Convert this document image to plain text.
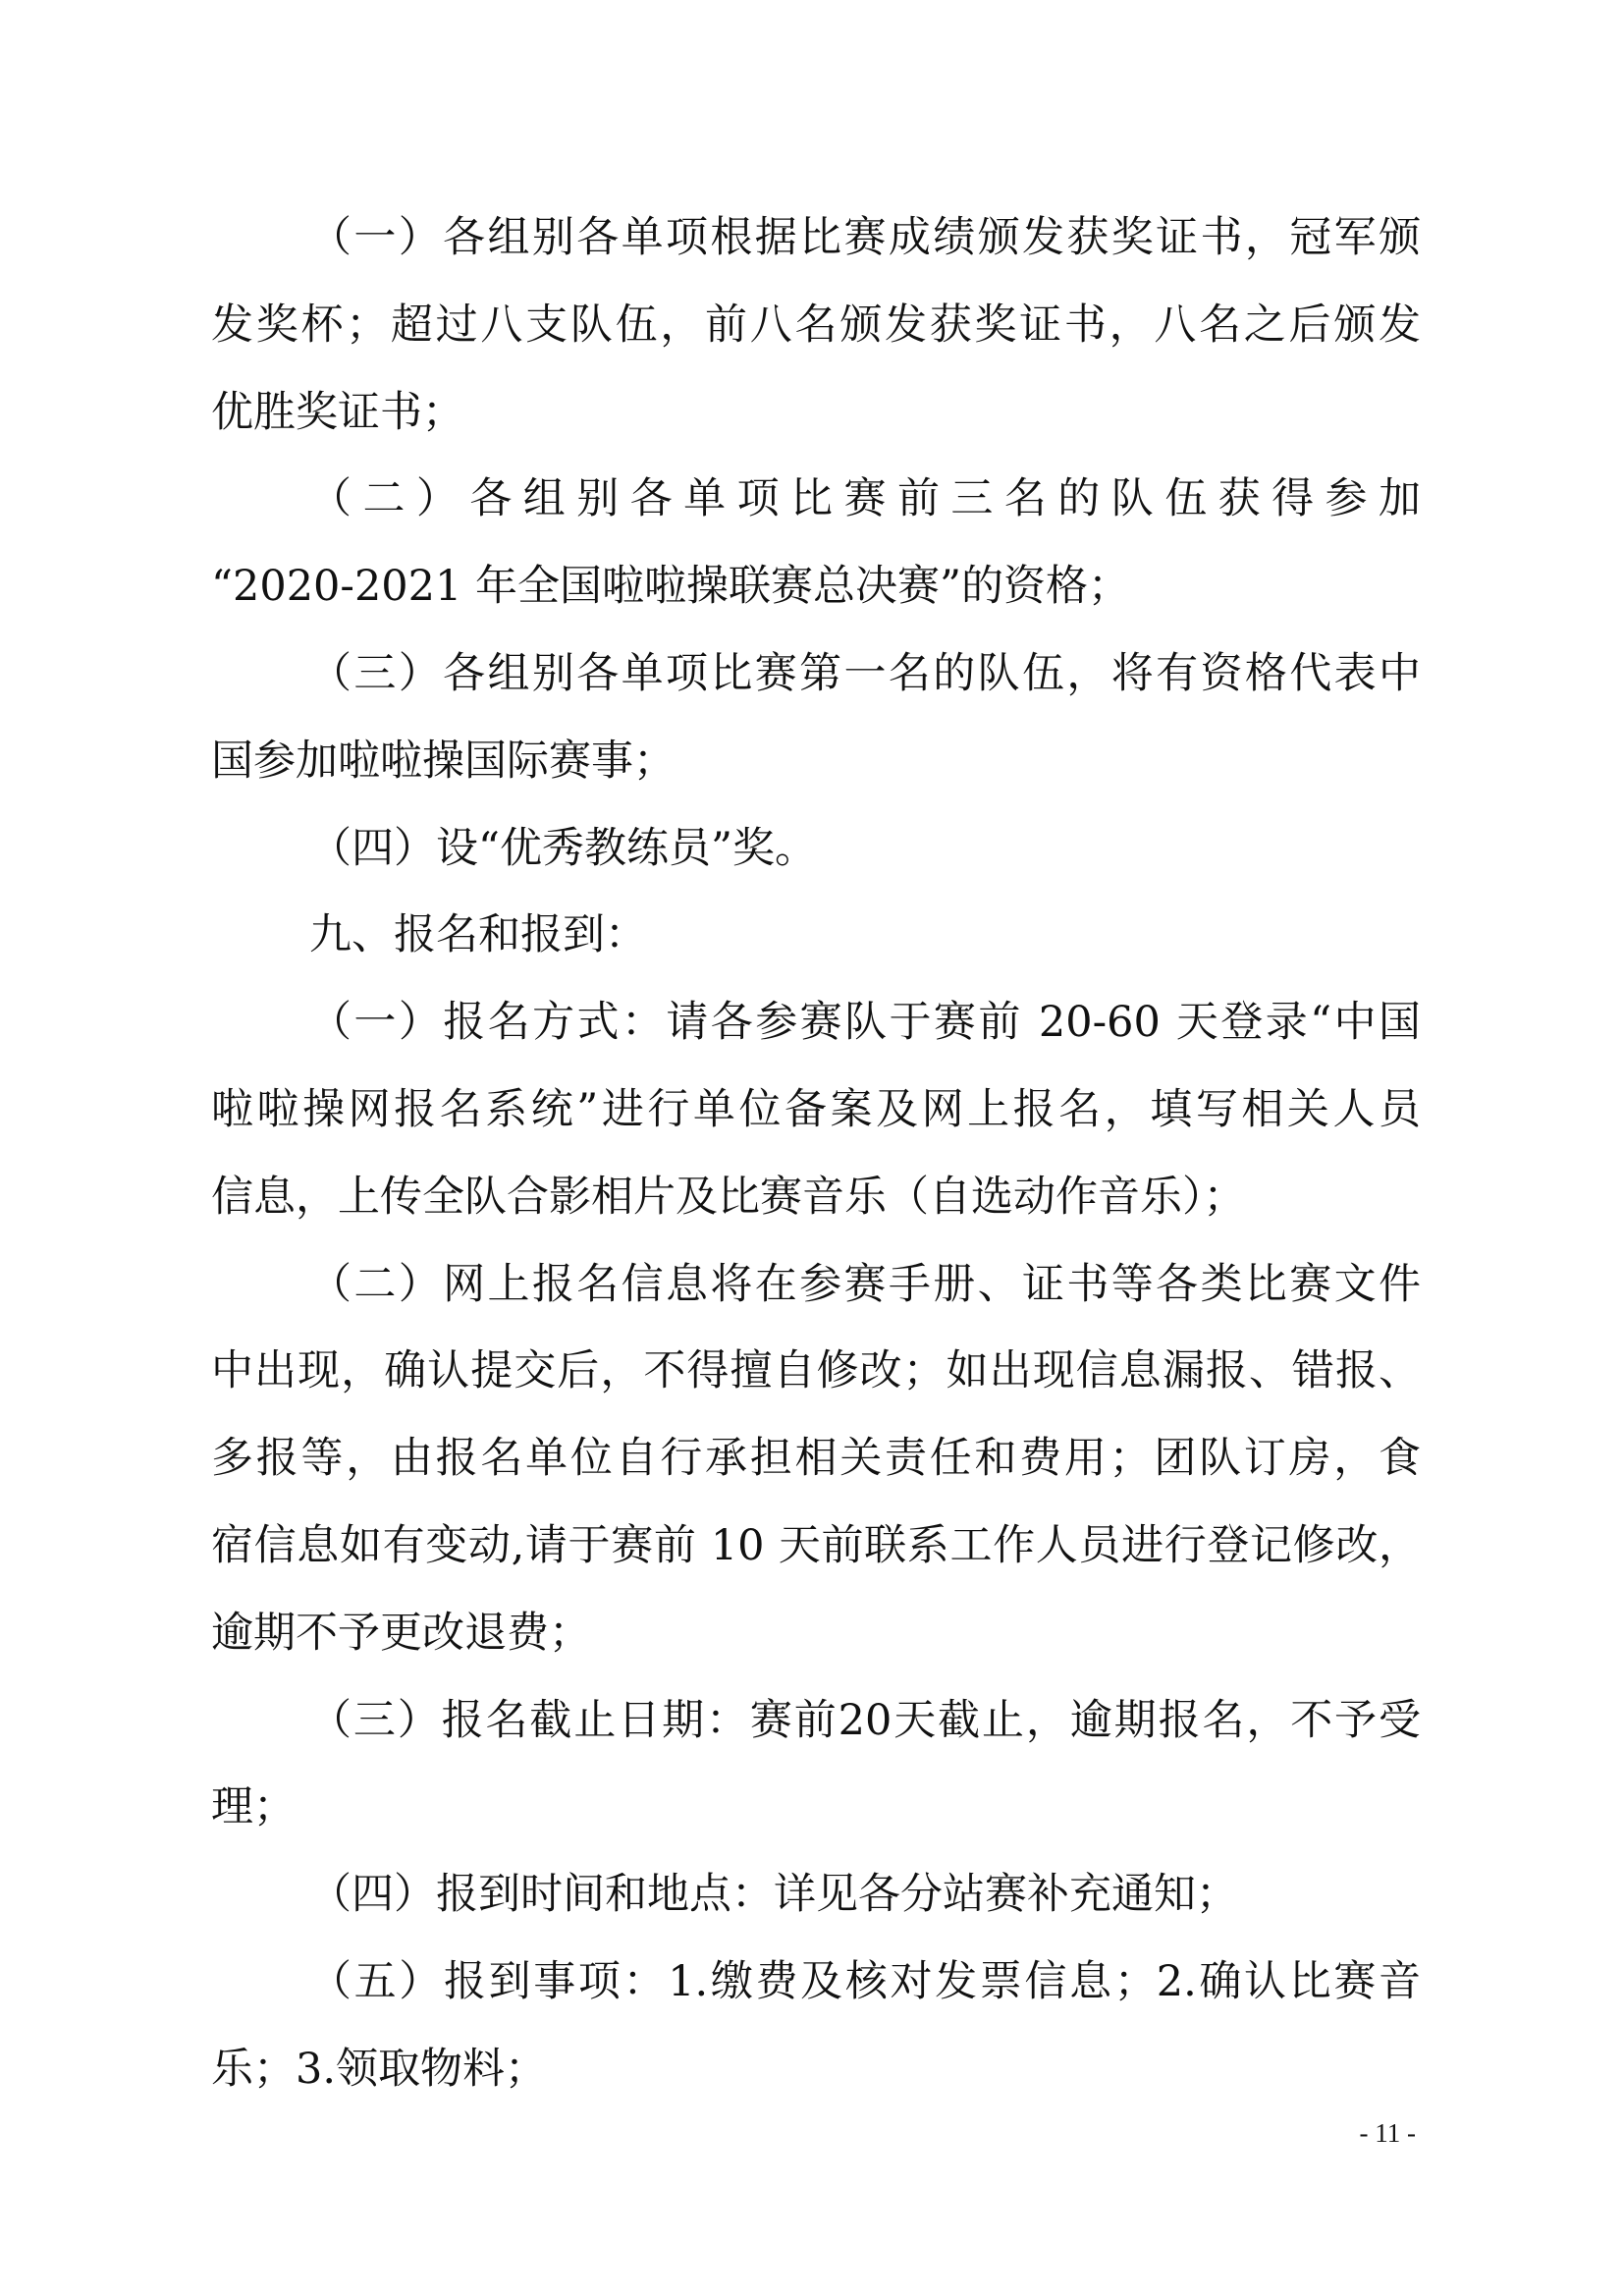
（一）各组别各单项根据比赛成绩颁发获奖证书，冠军颁
发奖杯；超过八支队伍，前八名颁发获奖证书，八名之后颁发
优胜奖证书；
（二）各组别各单项比赛前三名的队伍获得参加
“2020-2021 年全国啦啦操联赛总决赛”的资格；
（三）各组别各单项比赛第一名的队伍，将有资格代表中
国参加啦啦操国际赛事；
（四）设“优秀教练员”奖。
九、报名和报到：
（一）报名方式：请各参赛队于赛前 20-60 天登录“中国
啦啦操网报名系统”进行单位备案及网上报名，填写相关人员
信息，上传全队合影相片及比赛音乐（自选动作音乐）；
（二）网上报名信息将在参赛手册、证书等各类比赛文件
中出现，确认提交后，不得擅自修改；如出现信息漏报、错报、
多报等，由报名单位自行承担相关责任和费用；团队订房，食
宿信息如有变动,请于赛前 10 天前联系工作人员进行登记修改，
逾期不予更改退费；
（三）报名截止日期：赛前20天截止，逾期报名，不予受
理；
（四）报到时间和地点：详见各分站赛补充通知；
（五）报到事项：1.缴费及核对发票信息；2.确认比赛音
乐；3.领取物料；
- 11 -
